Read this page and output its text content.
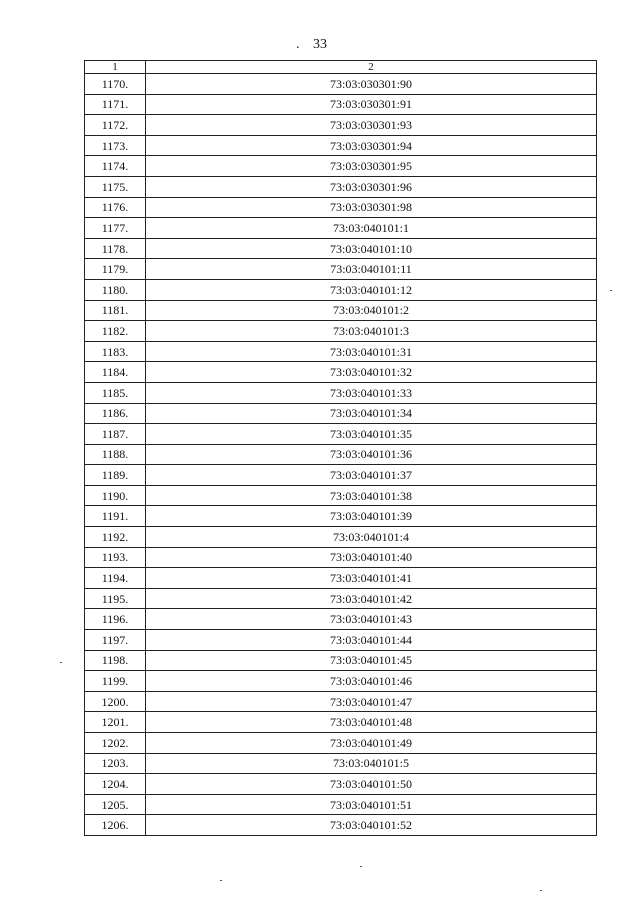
. 33
1	2
1170.	73:03:030301:90
1171.	73:03:030301:91
1172.	73:03:030301:93
1173.	73:03:030301:94
1174.	73:03:030301:95
1175.	73:03:030301:96
1176.	73:03:030301:98
1177.	73:03:040101:1
1178.	73:03:040101:10
1179.	73:03:040101:11
1180.	73:03:040101:12
1181.	73:03:040101:2
1182.	73:03:040101:3
1183.	73:03:040101:31
1184.	73:03:040101:32
1185.	73:03:040101:33
1186.	73:03:040101:34
1187.	73:03:040101:35
1188.	73:03:040101:36
1189.	73:03:040101:37
1190.	73:03:040101:38
1191.	73:03:040101:39
1192.	73:03:040101:4
1193.	73:03:040101:40
1194.	73:03:040101:41
1195.	73:03:040101:42
1196.	73:03:040101:43
1197.	73:03:040101:44
1198.	73:03:040101:45
1199.	73:03:040101:46
1200.	73:03:040101:47
1201.	73:03:040101:48
1202.	73:03:040101:49
1203.	73:03:040101:5
1204.	73:03:040101:50
1205.	73:03:040101:51
1206.	73:03:040101:52
